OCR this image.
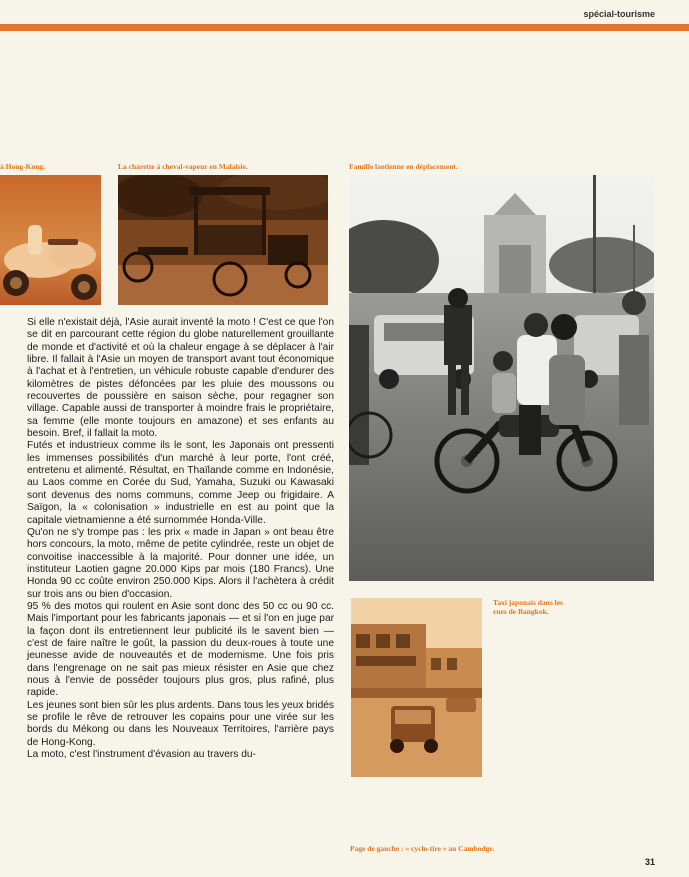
spécial-tourisme
à Hong-Kong.	La charette à cheval-vapeur en Malaisie.	Famille laotienne en déplacement.
Taxi japonais dans les rues de Bangkok.

Si elle n'existait déjà, l'Asie aurait inventé la moto ! C'est ce que l'on se dit en parcourant cette région du globe naturellement grouillante de monde et d'activité et où la chaleur engage à se déplacer à l'air libre. Il fallait à l'Asie un moyen de transport avant tout économique à l'achat et à l'entretien, un véhicule robuste capable d'endurer des kilomètres de pistes défoncées par les pluie des moussons ou recouvertes de poussière en saison sèche, pour regagner son village. Capable aussi de transporter à moindre frais le propriétaire, sa femme (elle monte toujours en amazone) et ses enfants au besoin. Bref, il fallait la moto.

Futés et industrieux comme ils le sont, les Japonais ont pressenti les immenses possibilités d'un marché à leur porte, l'ont créé, entretenu et alimenté. Résultat, en Thaïlande comme en Indonésie, au Laos comme en Corée du Sud, Yamaha, Suzuki ou Kawasaki sont devenus des noms communs, comme Jeep ou frigidaire. A Saïgon, la « colonisation » industrielle en est au point que la capitale vietnamienne a été surnommée Honda-Ville.

Qu'on ne s'y trompe pas : les prix « made in Japan » ont beau être hors concours, la moto, même de petite cylindrée, reste un objet de convoitise inaccessible à la majorité. Pour donner une idée, un instituteur Laotien gagne 20.000 Kips par mois (180 Francs). Une Honda 90 cc coûte environ 250.000 Kips. Alors il l'achètera à crédit sur trois ans ou bien d'occasion.

95 % des motos qui roulent en Asie sont donc des 50 cc ou 90 cc. Mais l'important pour les fabricants japonais — et si l'on en juge par la façon dont ils entretiennent leur publicité ils le savent bien — c'est de faire naître le goût, la passion du deux-roues à toute une jeunesse avide de nouveautés et de modernisme. Une fois pris dans l'engrenage on ne sait pas mieux résister en Asie que chez nous à l'envie de posséder toujours plus gros, plus rafiné, plus rapide.

Les jeunes sont bien sûr les plus ardents. Dans tous les yeux bridés se profile le rêve de retrouver les copains pour une virée sur les bords du Mékong ou dans les Nouveaux Territoires, l'arrière pays de Hong-Kong.

La moto, c'est l'instrument d'évasion au travers du-

Page de gauche : « cyclo-tire » au Cambodge.
31
